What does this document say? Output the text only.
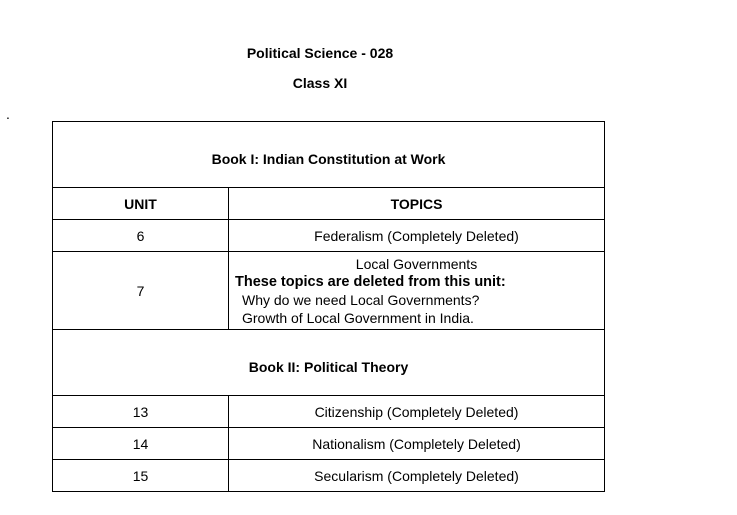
Political Science - 028
Class XI
.
Book I: Indian Constitution at Work	
UNIT	TOPICS
6	Federalism (Completely Deleted)
7	Local Governments
These topics are deleted from this unit:
Why do we need Local Governments?
Growth of Local Government in India.

Book II: Political Theory	
13	Citizenship (Completely Deleted)
14	Nationalism (Completely Deleted)
15	Secularism (Completely Deleted)
